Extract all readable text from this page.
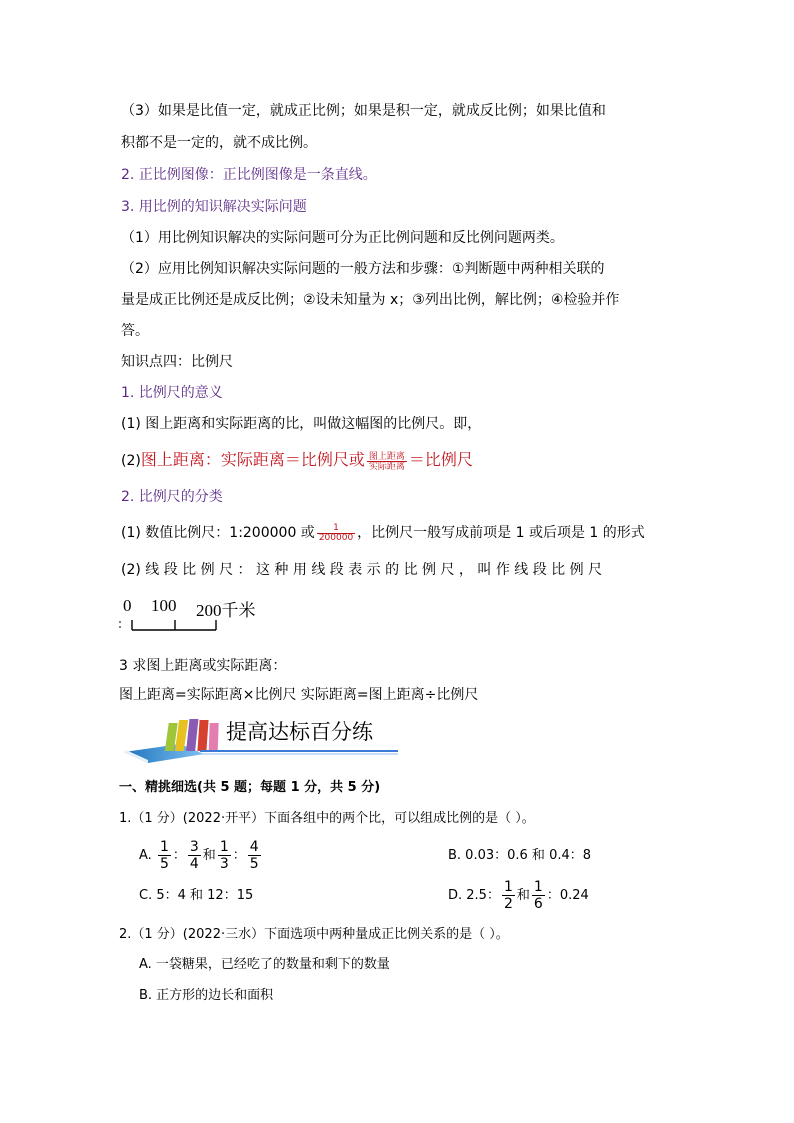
（3）如果是比值一定，就成正比例；如果是积一定，就成反比例；如果比值和
积都不是一定的，就不成比例。
2. 正比例图像：正比例图像是一条直线。
3. 用比例的知识解决实际问题
（1）用比例知识解决的实际问题可分为正比例问题和反比例问题两类。
（2）应用比例知识解决实际问题的一般方法和步骤：①判断题中两种相关联的
量是成正比例还是成反比例；②设未知量为 x；③列出比例，解比例；④检验并作
答。
知识点四：比例尺
1. 比例尺的意义
(1) 图上距离和实际距离的比，叫做这幅图的比例尺。即，
(2)图上距离：实际距离＝比例尺或 $\frac{\text{图上距离}}{\text{实际距离}}$ ＝比例尺
2. 比例尺的分类
(1) 数值比例尺：1:200000 或 $\frac{1}{200000}$ ，比例尺一般写成前项是 1 或后项是 1 的形式
(2) 线 段 比 例 尺 ： 这 种 用 线 段 表 示 的 比 例 尺 ， 叫 作 线 段 比 例 尺
0 100 200千米
3 求图上距离或实际距离：
图上距离=实际距离×比例尺 实际距离=图上距离÷比例尺
提高达标百分练
一、精挑细选(共 5 题；每题 1 分，共 5 分)
1.（1 分）(2022·开平）下面各组中的两个比，可以组成比例的是（ ）。
A. $\frac{1}{5}$ ： $\frac{3}{4}$ 和 $\frac{1}{3}$ ： $\frac{4}{5}$	B. 0.03：0.6 和 0.4：8
C. 5：4 和 12：15	D. 2.5： $\frac{1}{2}$ 和 $\frac{1}{6}$ ：0.24
2.（1 分）(2022·三水）下面选项中两种量成正比例关系的是（ ）。
A. 一袋糖果，已经吃了的数量和剩下的数量
B. 正方形的边长和面积
